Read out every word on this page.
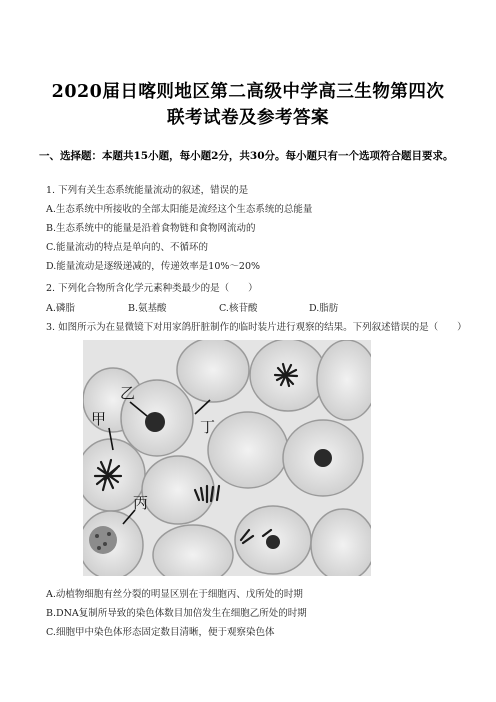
2020届日喀则地区第二高级中学高三生物第四次
联考试卷及参考答案
一、选择题：本题共15小题，每小题2分，共30分。每小题只有一个选项符合题目要求。
1. 下列有关生态系统能量流动的叙述，错误的是
A.生态系统中所接收的全部太阳能是流经这个生态系统的总能量
B.生态系统中的能量是沿着食物链和食物网流动的
C.能量流动的特点是单向的、不循环的
D.能量流动是逐级递减的，传递效率是10%～20%
2. 下列化合物所含化学元素种类最少的是（　　）
A.磷脂	B.氨基酸	C.核苷酸	D.脂肪
3. 如图所示为在显微镜下对用家鸽肝脏制作的临时装片进行观察的结果。下列叙述错误的是（　　）
乙
甲	丁
丙
A.动植物细胞有丝分裂的明显区别在于细胞丙、戊所处的时期
B.DNA复制所导致的染色体数目加倍发生在细胞乙所处的时期
C.细胞甲中染色体形态固定数目清晰，便于观察染色体
